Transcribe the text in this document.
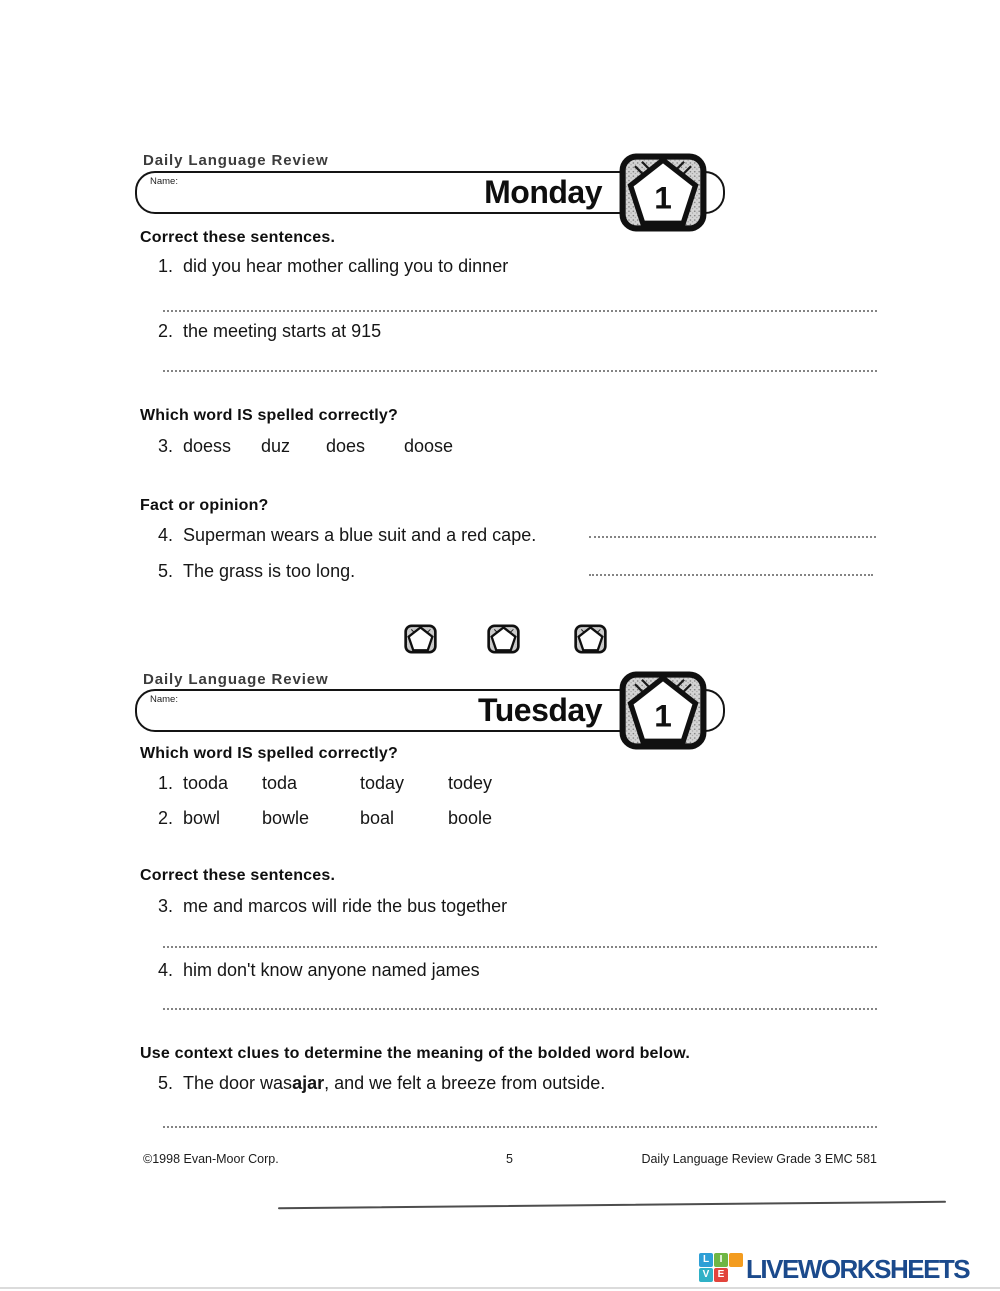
Daily Language Review
Name:	Monday 1
Correct these sentences.
1. did you hear mother calling you to dinner
2. the meeting starts at 915
Which word IS spelled correctly?
3. doess	duz	does	doose
Fact or opinion?
4. Superman wears a blue suit and a red cape.
5. The grass is too long.
Daily Language Review
Name:	Tuesday 1
Which word IS spelled correctly?
1. tooda	toda	today	todey
2. bowl	bowle	boal	boole
Correct these sentences.
3. me and marcos will ride the bus together
4. him don't know anyone named james
Use context clues to determine the meaning of the bolded word below.
5. The door was ajar , and we felt a breeze from outside.
©1998 Evan-Moor Corp.	5	Daily Language Review Grade 3 EMC 581
L	I
V E LIVEWORKSHEETS
